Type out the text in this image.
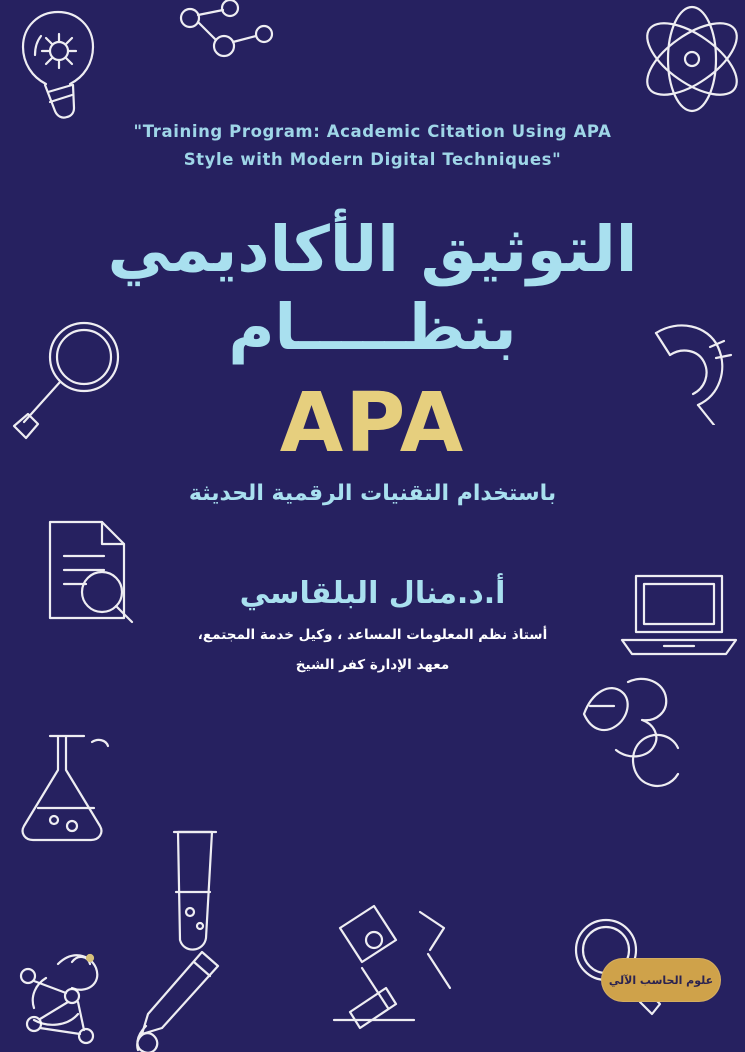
"Training Program: Academic Citation Using APA Style with Modern Digital Techniques"
التوثيق الأكاديمي
بنظـــــام
APA
باستخدام التقنيات الرقمية الحديثة
أ.د.منال البلقاسي
أستاذ نظم المعلومات المساعد ، وكيل خدمة المجتمع،
معهد الإدارة كفر الشيخ
علوم الحاسب الآلي
